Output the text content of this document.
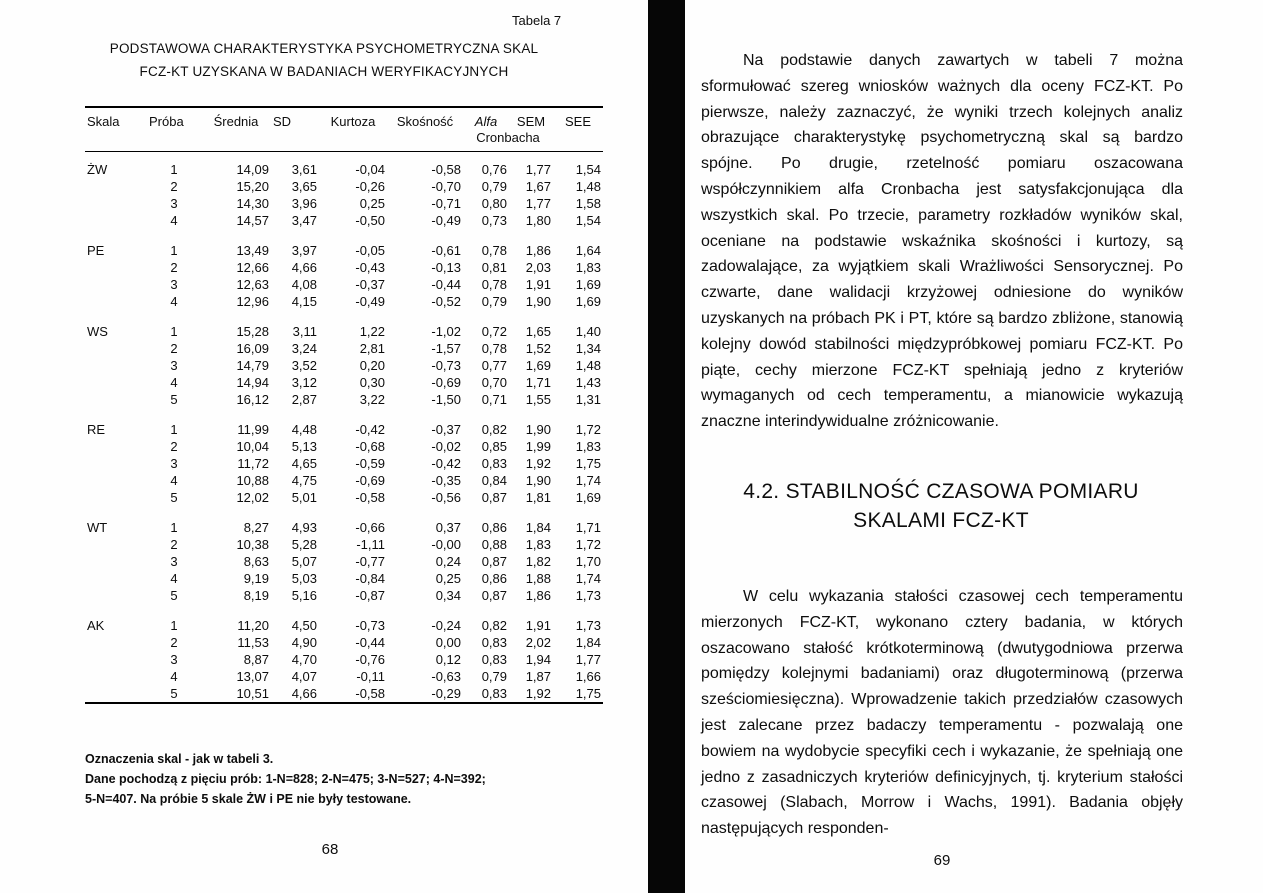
Tabela 7
PODSTAWOWA CHARAKTERYSTYKA PSYCHOMETRYCZNA SKAL
FCZ-KT UZYSKANA W BADANIACH WERYFIKACYJNYCH
Skala	Próba	Średnia	SD	Kurtoza	Skośność	Alfa	SEM	SEE
						Cronbacha		
ŻW	1	14,09	3,61	-0,04	-0,58	0,76	1,77	1,54
	2	15,20	3,65	-0,26	-0,70	0,79	1,67	1,48
	3	14,30	3,96	0,25	-0,71	0,80	1,77	1,58
	4	14,57	3,47	-0,50	-0,49	0,73	1,80	1,54
PE	1	13,49	3,97	-0,05	-0,61	0,78	1,86	1,64
	2	12,66	4,66	-0,43	-0,13	0,81	2,03	1,83
	3	12,63	4,08	-0,37	-0,44	0,78	1,91	1,69
	4	12,96	4,15	-0,49	-0,52	0,79	1,90	1,69
WS	1	15,28	3,11	1,22	-1,02	0,72	1,65	1,40
	2	16,09	3,24	2,81	-1,57	0,78	1,52	1,34
	3	14,79	3,52	0,20	-0,73	0,77	1,69	1,48
	4	14,94	3,12	0,30	-0,69	0,70	1,71	1,43
	5	16,12	2,87	3,22	-1,50	0,71	1,55	1,31
RE	1	11,99	4,48	-0,42	-0,37	0,82	1,90	1,72
	2	10,04	5,13	-0,68	-0,02	0,85	1,99	1,83
	3	11,72	4,65	-0,59	-0,42	0,83	1,92	1,75
	4	10,88	4,75	-0,69	-0,35	0,84	1,90	1,74
	5	12,02	5,01	-0,58	-0,56	0,87	1,81	1,69
WT	1	8,27	4,93	-0,66	0,37	0,86	1,84	1,71
	2	10,38	5,28	-1,11	-0,00	0,88	1,83	1,72
	3	8,63	5,07	-0,77	0,24	0,87	1,82	1,70
	4	9,19	5,03	-0,84	0,25	0,86	1,88	1,74
	5	8,19	5,16	-0,87	0,34	0,87	1,86	1,73
AK	1	11,20	4,50	-0,73	-0,24	0,82	1,91	1,73
	2	11,53	4,90	-0,44	0,00	0,83	2,02	1,84
	3	8,87	4,70	-0,76	0,12	0,83	1,94	1,77
	4	13,07	4,07	-0,11	-0,63	0,79	1,87	1,66
	5	10,51	4,66	-0,58	-0,29	0,83	1,92	1,75
Oznaczenia skal - jak w tabeli 3.
Dane pochodzą z pięciu prób: 1-N=828; 2-N=475; 3-N=527; 4-N=392;
5-N=407. Na próbie 5 skale ŻW i PE nie były testowane.
68
Na podstawie danych zawartych w tabeli 7 można sformułować szereg wniosków ważnych dla oceny FCZ-KT. Po pierwsze, należy zaznaczyć, że wyniki trzech kolejnych analiz obrazujące charakterystykę psychometryczną skal są bardzo spójne. Po drugie, rzetelność pomiaru oszacowana współczynnikiem alfa Cronbacha jest satysfakcjonująca dla wszystkich skal. Po trzecie, parametry rozkładów wyników skal, oceniane na podstawie wskaźnika skośności i kurtozy, są zadowalające, za wyjątkiem skali Wrażliwości Sensorycznej. Po czwarte, dane walidacji krzyżowej odniesione do wyników uzyskanych na próbach PK i PT, które są bardzo zbliżone, stanowią kolejny dowód stabilności międzypróbkowej pomiaru FCZ-KT. Po piąte, cechy mierzone FCZ-KT spełniają jedno z kryteriów wymaganych od cech temperamentu, a mianowicie wykazują znaczne interindywidualne zróżnicowanie.
4.2. STABILNOŚĆ CZASOWA POMIARU
SKALAMI FCZ-KT
W celu wykazania stałości czasowej cech temperamentu mierzonych FCZ-KT, wykonano cztery badania, w których oszacowano stałość krótkoterminową (dwutygodniowa przerwa pomiędzy kolejnymi badaniami) oraz długoterminową (przerwa sześciomiesięczna). Wprowadzenie takich przedziałów czasowych jest zalecane przez badaczy temperamentu - pozwalają one bowiem na wydobycie specyfiki cech i wykazanie, że spełniają one jedno z zasadniczych kryteriów definicyjnych, tj. kryterium stałości czasowej (Slabach, Morrow i Wachs, 1991). Badania objęły następujących responden-
69
